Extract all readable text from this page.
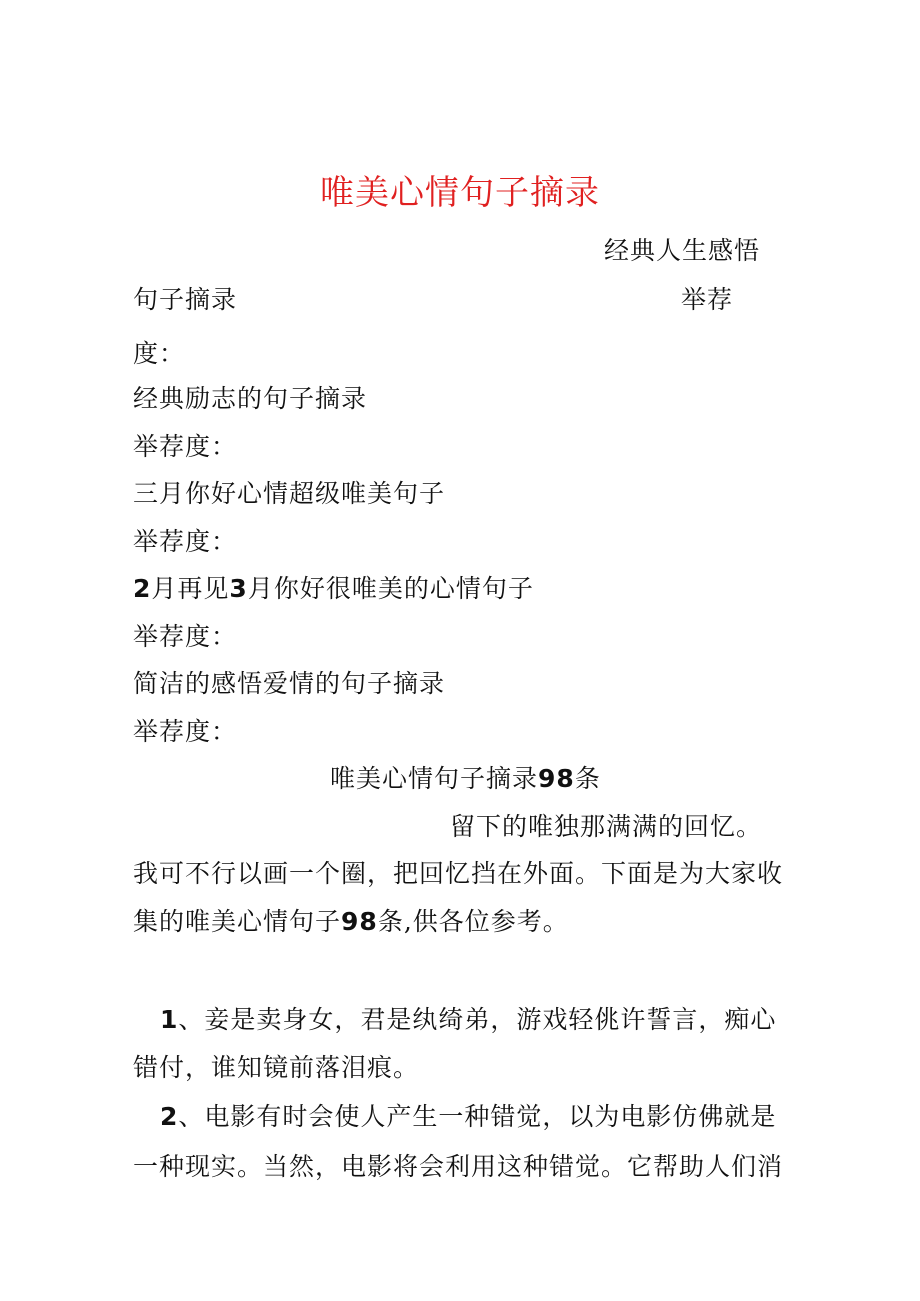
唯美心情句子摘录
经典人生感悟
句子摘录	举荐
度：
经典励志的句子摘录
举荐度：
三月你好心情超级唯美句子
举荐度：
2月再见3月你好很唯美的心情句子
举荐度：
简洁的感悟爱情的句子摘录
举荐度：
唯美心情句子摘录98条
留下的唯独那满满的回忆。
我可不行以画一个圈，把回忆挡在外面。下面是为大家收
集的唯美心情句子98条,供各位参考。
1、妾是卖身女，君是纨绮弟，游戏轻佻许誓言，痴心
错付，谁知镜前落泪痕。
2、电影有时会使人产生一种错觉，以为电影仿佛就是
一种现实。当然，电影将会利用这种错觉。它帮助人们消
